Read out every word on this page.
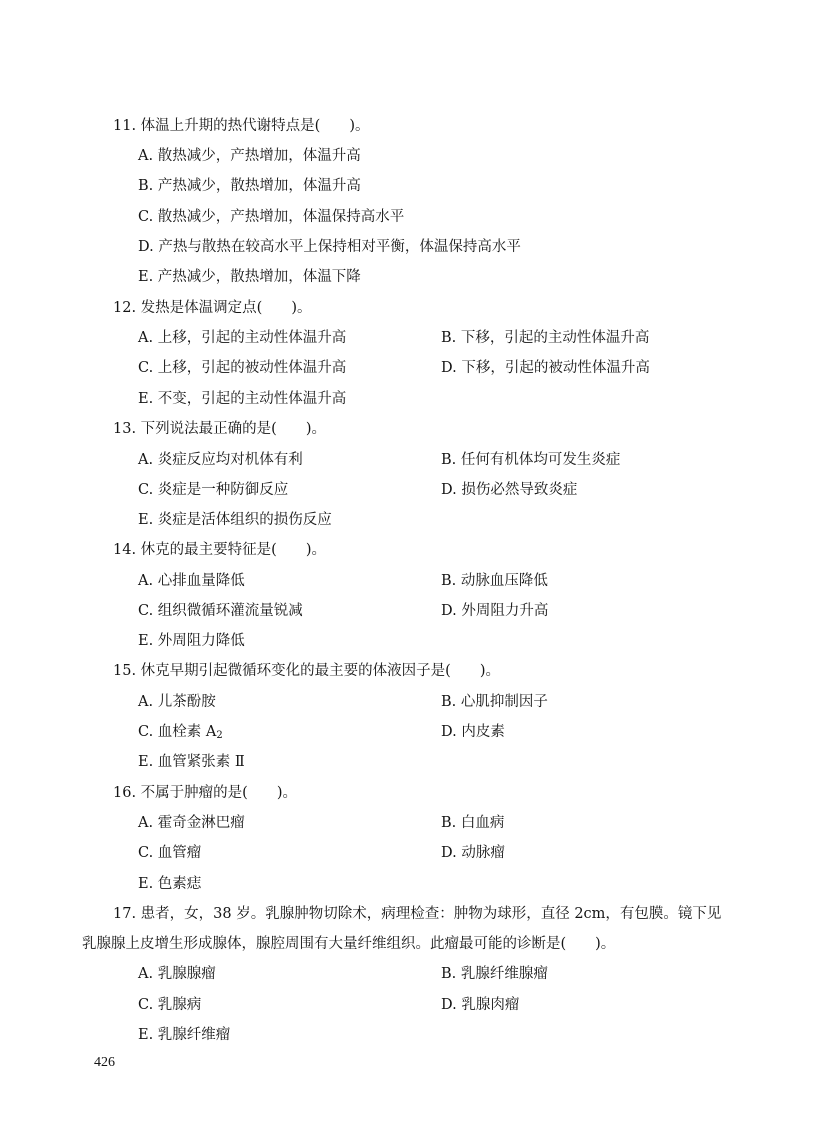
11. 体温上升期的热代谢特点是(　　)。
A. 散热减少，产热增加，体温升高
B. 产热减少，散热增加，体温升高
C. 散热减少，产热增加，体温保持高水平
D. 产热与散热在较高水平上保持相对平衡，体温保持高水平
E. 产热减少，散热增加，体温下降
12. 发热是体温调定点(　　)。
A. 上移，引起的主动性体温升高	B. 下移，引起的主动性体温升高
C. 上移，引起的被动性体温升高	D. 下移，引起的被动性体温升高
E. 不变，引起的主动性体温升高
13. 下列说法最正确的是(　　)。
A. 炎症反应均对机体有利	B. 任何有机体均可发生炎症
C. 炎症是一种防御反应	D. 损伤必然导致炎症
E. 炎症是活体组织的损伤反应
14. 休克的最主要特征是(　　)。
A. 心排血量降低	B. 动脉血压降低
C. 组织微循环灌流量锐减	D. 外周阻力升高
E. 外周阻力降低
15. 休克早期引起微循环变化的最主要的体液因子是(　　)。
A. 儿茶酚胺	B. 心肌抑制因子
C. 血栓素 $A_2$	D. 内皮素
E. 血管紧张素 Ⅱ
16. 不属于肿瘤的是(　　)。
A. 霍奇金淋巴瘤	B. 白血病
C. 血管瘤	D. 动脉瘤
E. 色素痣
17. 患者，女，38 岁。乳腺肿物切除术，病理检查：肿物为球形，直径 2cm，有包膜。镜下见
乳腺腺上皮增生形成腺体，腺腔周围有大量纤维组织。此瘤最可能的诊断是(　　)。
A. 乳腺腺瘤	B. 乳腺纤维腺瘤
C. 乳腺病	D. 乳腺肉瘤
E. 乳腺纤维瘤
426
